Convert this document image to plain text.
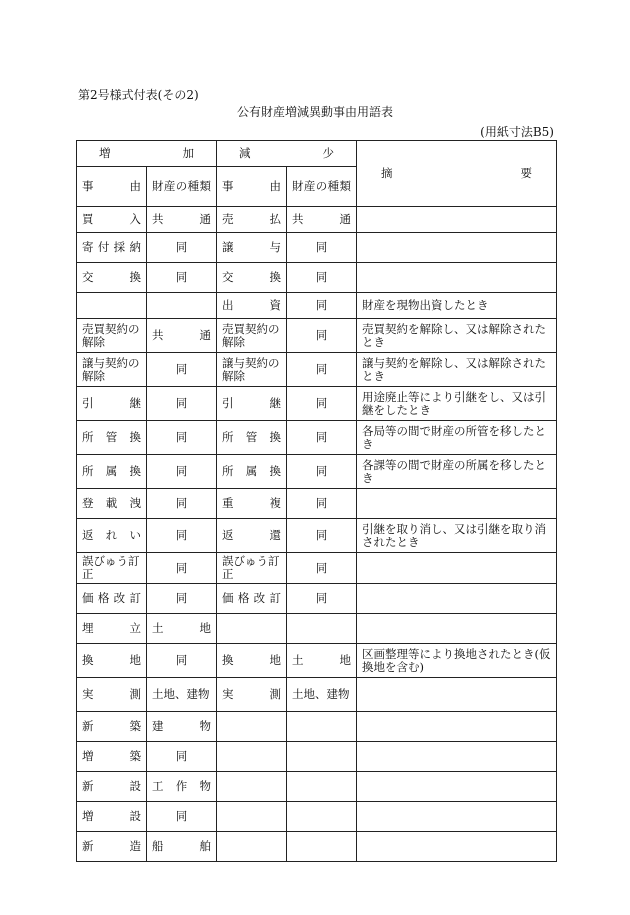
第2号様式付表(その2)
公有財産増減異動事由用語表
(用紙寸法B5)
増　　加		減　　少		摘　　　　要
事　　由	財産の種類	事　　由	財産の種類	
買入	共通	売払	共通	
寄付採納	同	譲与	同	
交換	同	交換	同	
		出資	同	財産を現物出資したとき
売買契約の解除	共通	売買契約の解除	同	売買契約を解除し、又は解除されたとき
譲与契約の解除	同	譲与契約の解除	同	譲与契約を解除し、又は解除されたとき
引継	同	引継	同	用途廃止等により引継をし、又は引継をしたとき
所管換	同	所管換	同	各局等の間で財産の所管を移したとき
所属換	同	所属換	同	各課等の間で財産の所属を移したとき
登載洩	同	重複	同	
返れい	同	返還	同	引継を取り消し、又は引継を取り消されたとき
誤びゅう訂正	同	誤びゅう訂正	同	
価格改訂	同	価格改訂	同	
埋立	土地			
換地	同	換地	土地	区画整理等により換地されたとき(仮換地を含む)
実測	土地、建物	実測	土地、建物	
新築	建物			
増築	同			
新設	工作物			
増設	同			
新造	船舶			
